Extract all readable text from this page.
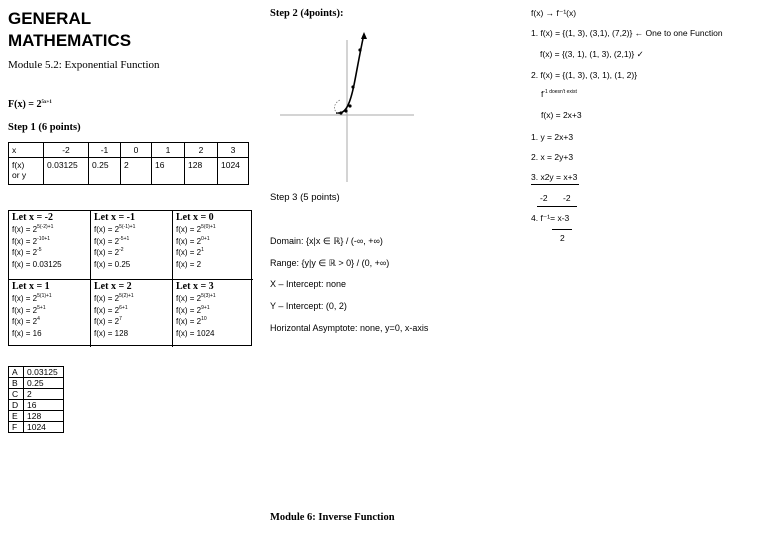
GENERAL
MATHEMATICS
Module 5.2: Exponential Function
$F(x) = 2^{5x+1}$
Step 1 (6 points)
x	-2	-1	0	1	2	3
f(x)
or y	0.03125	0.25	2	16	128	1024
Let x = -2
$f(x) = 2^{5(-2)+1}$
$f(x) = 2^{-10+1}$
$f(x) = 2^{-5}$
f(x) = 0.03125
Let x = -1
$f(x) = 2^{5(-1)+1}$
$f(x) = 2^{-5+1}$
$f(x) = 2^{-2}$
f(x) = 0.25
Let x = 0
$f(x) = 2^{5(0)+1}$
$f(x) = 2^{0+1}$
$f(x) = 2^1$
f(x) = 2
Let x = 1
$f(x) = 2^{5(1)+1}$
$f(x) = 2^{5+1}$
$f(x) = 2^4$
f(x) = 16
Let x = 2
$f(x) = 2^{5(2)+1}$
$f(x) = 2^{6+1}$
$f(x) = 2^7$
f(x) = 128
Let x = 3
$f(x) = 2^{5(3)+1}$
$f(x) = 2^{9+1}$
$f(x) = 2^{10}$
f(x) = 1024
A	0.03125
B	0.25
C	2
D	16
E	128
F	1024
Step 2 (4points):
Step 3 (5 points)
Domain: {x|x ∈ ℝ} / (-∞, +∞)
Range: {y|y ∈ ℝ > 0} / (0, +∞)
X – Intercept: none
Y – Intercept: (0, 2)
Horizontal Asymptote: none, y=0, x-axis
Module 6: Inverse Function
f(x) → f⁻¹(x)
1. f(x) = {(1, 3), (3,1), (7,2)} ← One to one Function
f(x) = {(3, 1), (1, 3), (2,1)} ✓
2. f(x) = {(1, 3), (3, 1), (1, 2)}
$f^{-1 doesn't exist}$
f(x) = 2x+3
1. y = 2x+3
2. x = 2y+3
3. x2y = x+3
-2 -2
4. f⁻¹= x-3
2
